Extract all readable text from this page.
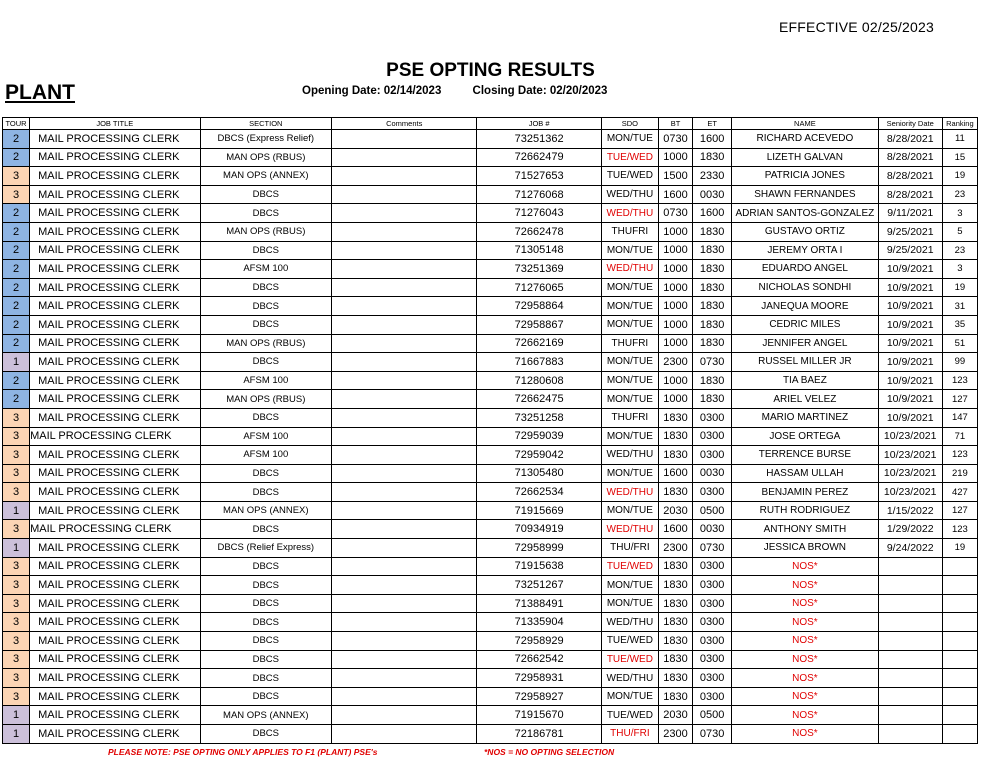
EFFECTIVE 02/25/2023
PSE OPTING RESULTS
PLANT	Opening Date: 02/14/2023	Closing Date: 02/20/2023
TOUR	JOB TITLE	SECTION	Comments	JOB #	SDO	BT	ET	NAME	Seniority Date	Ranking
2	MAIL PROCESSING CLERK	DBCS (Express Relief)		73251362	MON/TUE	0730	1600	RICHARD ACEVEDO	8/28/2021	11
2	MAIL PROCESSING CLERK	MAN OPS (RBUS)		72662479	TUE/WED	1000	1830	LIZETH GALVAN	8/28/2021	15
3	MAIL PROCESSING CLERK	MAN OPS (ANNEX)		71527653	TUE/WED	1500	2330	PATRICIA JONES	8/28/2021	19
3	MAIL PROCESSING CLERK	DBCS		71276068	WED/THU	1600	0030	SHAWN FERNANDES	8/28/2021	23
2	MAIL PROCESSING CLERK	DBCS		71276043	WED/THU	0730	1600	ADRIAN SANTOS-GONZALEZ	9/11/2021	3
2	MAIL PROCESSING CLERK	MAN OPS (RBUS)		72662478	THUFRI	1000	1830	GUSTAVO ORTIZ	9/25/2021	5
2	MAIL PROCESSING CLERK	DBCS		71305148	MON/TUE	1000	1830	JEREMY ORTA I	9/25/2021	23
2	MAIL PROCESSING CLERK	AFSM 100		73251369	WED/THU	1000	1830	EDUARDO ANGEL	10/9/2021	3
2	MAIL PROCESSING CLERK	DBCS		71276065	MON/TUE	1000	1830	NICHOLAS SONDHI	10/9/2021	19
2	MAIL PROCESSING CLERK	DBCS		72958864	MON/TUE	1000	1830	JANEQUA MOORE	10/9/2021	31
2	MAIL PROCESSING CLERK	DBCS		72958867	MON/TUE	1000	1830	CEDRIC MILES	10/9/2021	35
2	MAIL PROCESSING CLERK	MAN OPS (RBUS)		72662169	THUFRI	1000	1830	JENNIFER ANGEL	10/9/2021	51
1	MAIL PROCESSING CLERK	DBCS		71667883	MON/TUE	2300	0730	RUSSEL MILLER JR	10/9/2021	99
2	MAIL PROCESSING CLERK	AFSM 100		71280608	MON/TUE	1000	1830	TIA BAEZ	10/9/2021	123
2	MAIL PROCESSING CLERK	MAN OPS (RBUS)		72662475	MON/TUE	1000	1830	ARIEL VELEZ	10/9/2021	127
3	MAIL PROCESSING CLERK	DBCS		73251258	THUFRI	1830	0300	MARIO MARTINEZ	10/9/2021	147
3	MAIL PROCESSING CLERK	AFSM 100		72959039	MON/TUE	1830	0300	JOSE ORTEGA	10/23/2021	71
3	MAIL PROCESSING CLERK	AFSM 100		72959042	WED/THU	1830	0300	TERRENCE BURSE	10/23/2021	123
3	MAIL PROCESSING CLERK	DBCS		71305480	MON/TUE	1600	0030	HASSAM ULLAH	10/23/2021	219
3	MAIL PROCESSING CLERK	DBCS		72662534	WED/THU	1830	0300	BENJAMIN PEREZ	10/23/2021	427
1	MAIL PROCESSING CLERK	MAN OPS (ANNEX)		71915669	MON/TUE	2030	0500	RUTH RODRIGUEZ	1/15/2022	127
3	MAIL PROCESSING CLERK	DBCS		70934919	WED/THU	1600	0030	ANTHONY SMITH	1/29/2022	123
1	MAIL PROCESSING CLERK	DBCS (Relief Express)		72958999	THU/FRI	2300	0730	JESSICA BROWN	9/24/2022	19
3	MAIL PROCESSING CLERK	DBCS		71915638	TUE/WED	1830	0300	NOS*		
3	MAIL PROCESSING CLERK	DBCS		73251267	MON/TUE	1830	0300	NOS*		
3	MAIL PROCESSING CLERK	DBCS		71388491	MON/TUE	1830	0300	NOS*		
3	MAIL PROCESSING CLERK	DBCS		71335904	WED/THU	1830	0300	NOS*		
3	MAIL PROCESSING CLERK	DBCS		72958929	TUE/WED	1830	0300	NOS*		
3	MAIL PROCESSING CLERK	DBCS		72662542	TUE/WED	1830	0300	NOS*		
3	MAIL PROCESSING CLERK	DBCS		72958931	WED/THU	1830	0300	NOS*		
3	MAIL PROCESSING CLERK	DBCS		72958927	MON/TUE	1830	0300	NOS*		
1	MAIL PROCESSING CLERK	MAN OPS (ANNEX)		71915670	TUE/WED	2030	0500	NOS*		
1	MAIL PROCESSING CLERK	DBCS		72186781	THU/FRI	2300	0730	NOS*		
PLEASE NOTE: PSE OPTING ONLY APPLIES TO F1 (PLANT) PSE's	*NOS = NO OPTING SELECTION
